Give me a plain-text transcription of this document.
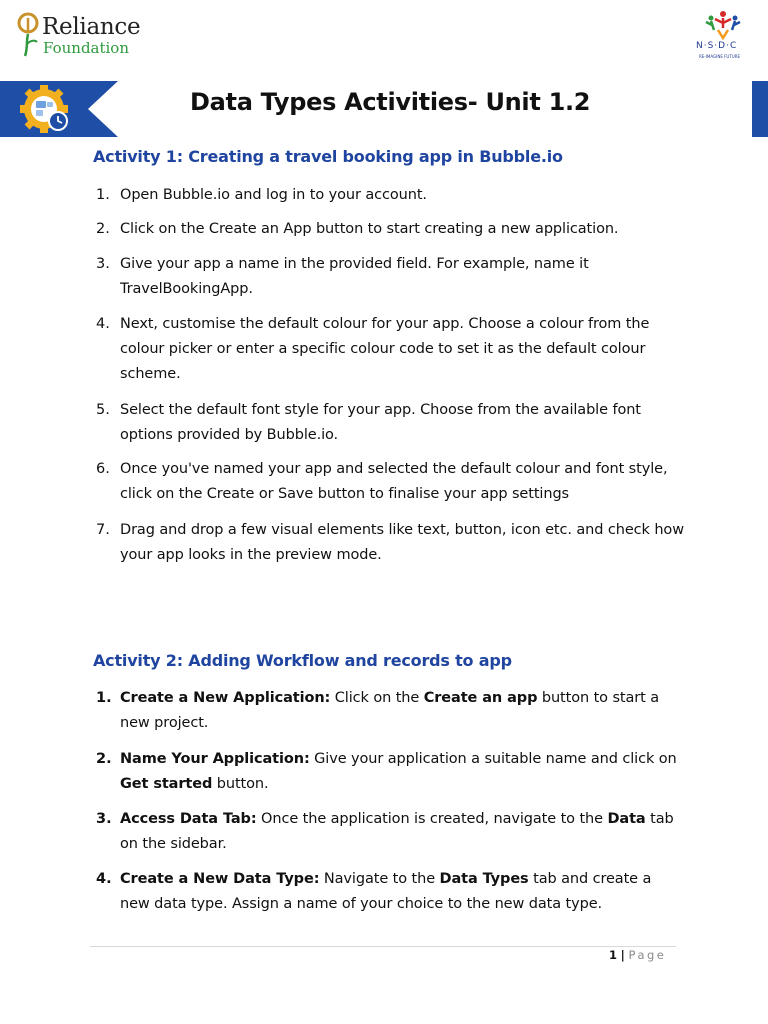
Reliance
Foundation	N·S·D·C
RE-IMAGINE FUTURE
Data Types Activities- Unit 1.2
Activity 1: Creating a travel booking app in Bubble.io
1. Open Bubble.io and log in to your account.
2. Click on the Create an App button to start creating a new application.
3. Give your app a name in the provided field. For example, name it TravelBookingApp.
4. Next, customise the default colour for your app. Choose a colour from the colour picker or enter a specific colour code to set it as the default colour scheme.
5. Select the default font style for your app. Choose from the available font options provided by Bubble.io.
6. Once you've named your app and selected the default colour and font style, click on the Create or Save button to finalise your app settings
7. Drag and drop a few visual elements like text, button, icon etc. and check how your app looks in the preview mode.
Activity 2: Adding Workflow and records to app
1. Create a New Application: Click on the Create an app button to start a new project.
2. Name Your Application: Give your application a suitable name and click on Get started button.
3. Access Data Tab: Once the application is created, navigate to the Data tab on the sidebar.
4. Create a New Data Type: Navigate to the Data Types tab and create a new data type. Assign a name of your choice to the new data type.
1 | Page
